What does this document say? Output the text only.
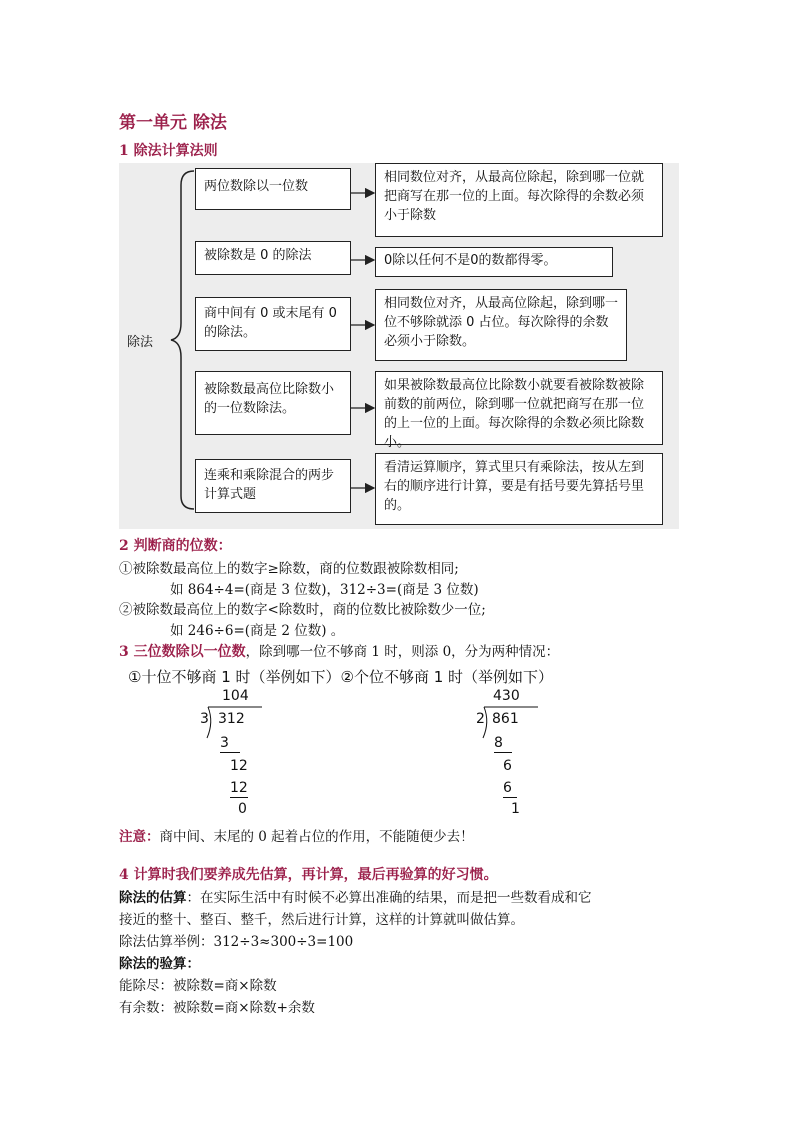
第一单元 除法
1 除法计算法则
除法
两位数除以一位数
相同数位对齐，从最高位除起，除到哪一位就把商写在那一位的上面。每次除得的余数必须小于除数
被除数是 0 的除法	0除以任何不是0的数都得零。
商中间有 0 或末尾有 0 的除法。
相同数位对齐，从最高位除起，除到哪一位不够除就添 0 占位。每次除得的余数必须小于除数。
被除数最高位比除数小的一位数除法。
如果被除数最高位比除数小就要看被除数被除前数的前两位，除到哪一位就把商写在那一位的上一位的上面。每次除得的余数必须比除数小。
连乘和乘除混合的两步计算式题
看清运算顺序，算式里只有乘除法，按从左到右的顺序进行计算，要是有括号要先算括号里的。
2 判断商的位数：
①被除数最高位上的数字≥除数，商的位数跟被除数相同;
如 864÷4=(商是 3 位数)，312÷3=(商是 3 位数)
②被除数最高位上的数字<除数时，商的位数比被除数少一位;
如 246÷6=(商是 2 位数) 。
3 三位数除以一位数，除到哪一位不够商 1 时，则添 0，分为两种情况：
①十位不够商 1 时（举例如下）②个位不够商 1 时（举例如下）
104
3 312
3
12
12
0
430
2 861
8
6
6
1
注意：商中间、末尾的 0 起着占位的作用，不能随便少去！
4 计算时我们要养成先估算，再计算，最后再验算的好习惯。
除法的估算：在实际生活中有时候不必算出准确的结果，而是把一些数看成和它
接近的整十、整百、整千，然后进行计算，这样的计算就叫做估算。
除法估算举例：312÷3≈300÷3=100
除法的验算：
能除尽：被除数=商×除数
有余数：被除数=商×除数+余数
